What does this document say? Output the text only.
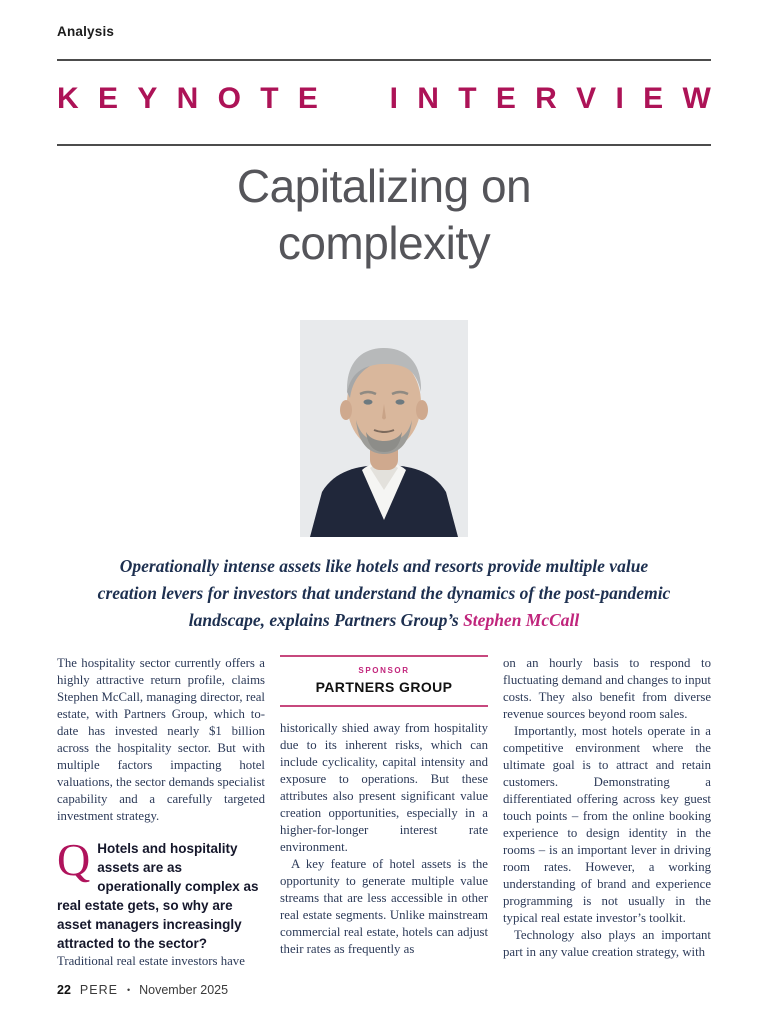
Analysis
K E Y N O T E I N T E R V I E W
Capitalizing on
complexity
Operationally intense assets like hotels and resorts provide multiple value creation levers for investors that understand the dynamics of the post-pandemic landscape, explains Partners Group’s Stephen McCall

The hospitality sector currently offers a highly attractive return profile, claims Stephen McCall, managing director, real estate, with Partners Group, which to-date has invested nearly $1 billion across the hospitality sector. But with multiple factors impacting hotel valuations, the sector demands specialist capability and a carefully targeted investment strategy.

Q Hotels and hospitality assets are as operationally complex as real estate gets, so why are asset managers increasingly attracted to the sector?

Traditional real estate investors have

SPONSOR
PARTNERS GROUP

historically shied away from hospitality due to its inherent risks, which can include cyclicality, capital intensity and exposure to operations. But these attributes also present significant value creation opportunities, especially in a higher-for-longer interest rate environment.

A key feature of hotel assets is the opportunity to generate multiple value streams that are less accessible in other real estate segments. Unlike mainstream commercial real estate, hotels can adjust their rates as frequently as

on an hourly basis to respond to fluctuating demand and changes to input costs. They also benefit from diverse revenue sources beyond room sales.

Importantly, most hotels operate in a competitive environment where the ultimate goal is to attract and retain customers. Demonstrating a differentiated offering across key guest touch points – from the online booking experience to design identity in the rooms – is an important lever in driving room rates. However, a working understanding of brand and experience programming is not usually in the typical real estate investor’s toolkit.

Technology also plays an important part in any value creation strategy, with

22 PERE • November 2025
